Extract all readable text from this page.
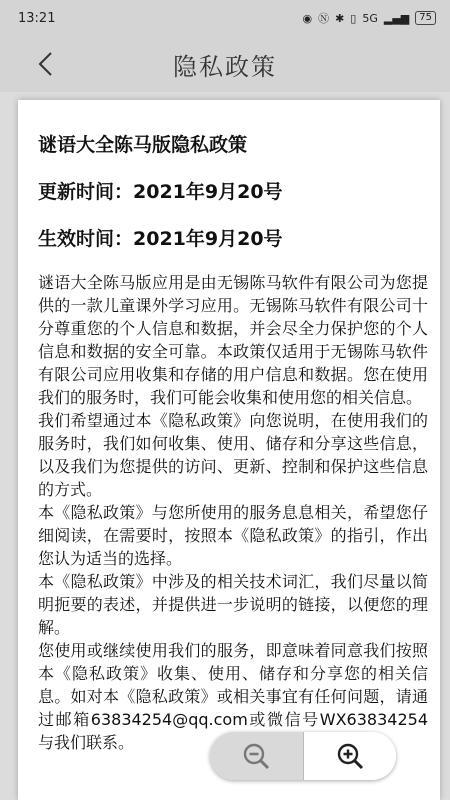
13:21	◉ Ⓝ ✱ ▯ 5G ▂▄▆	75
隐私政策

谜语大全陈马版隐私政策

更新时间：2021年9月20号

生效时间：2021年9月20号

谜语大全陈马版应用是由无锡陈马软件有限公司为您提供的一款儿童课外学习应用。无锡陈马软件有限公司十分尊重您的个人信息和数据，并会尽全力保护您的个人信息和数据的安全可靠。本政策仅适用于无锡陈马软件有限公司应用收集和存储的用户信息和数据。您在使用我们的服务时，我们可能会收集和使用您的相关信息。

我们希望通过本《隐私政策》向您说明，在使用我们的服务时，我们如何收集、使用、储存和分享这些信息，以及我们为您提供的访问、更新、控制和保护这些信息的方式。

本《隐私政策》与您所使用的服务息息相关，希望您仔细阅读，在需要时，按照本《隐私政策》的指引，作出您认为适当的选择。

本《隐私政策》中涉及的相关技术词汇，我们尽量以简明扼要的表述，并提供进一步说明的链接，以便您的理解。

您使用或继续使用我们的服务，即意味着同意我们按照本《隐私政策》收集、使用、储存和分享您的相关信息。如对本《隐私政策》或相关事宜有任何问题，请通过邮箱63834254@qq.com或微信号WX63834254与我们联系。
